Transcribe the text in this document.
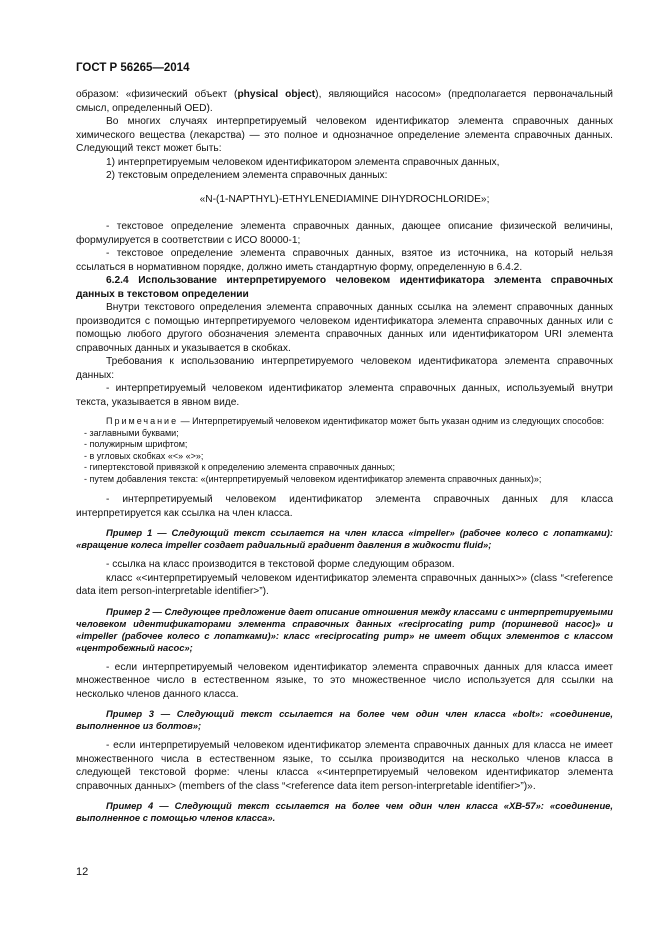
ГОСТ Р 56265—2014

образом: «физический объект (physical object), являющийся насосом» (предполагается первоначальный смысл, определенный OED).

Во многих случаях интерпретируемый человеком идентификатор элемента справочных данных химического вещества (лекарства) — это полное и однозначное определение элемента справочных данных. Следующий текст может быть:

1) интерпретируемым человеком идентификатором элемента справочных данных,

2) текстовым определением элемента справочных данных:

«N-(1-NAPTHYL)-ETHYLENEDIAMINE DIHYDROCHLORIDE»;

- текстовое определение элемента справочных данных, дающее описание физической величины, формулируется в соответствии с ИСО 80000-1;

- текстовое определение элемента справочных данных, взятое из источника, на который нельзя ссылаться в нормативном порядке, должно иметь стандартную форму, определенную в 6.4.2.

6.2.4 Использование интерпретируемого человеком идентификатора элемента справочных данных в текстовом определении

Внутри текстового определения элемента справочных данных ссылка на элемент справочных данных производится с помощью интерпретируемого человеком идентификатора элемента справочных данных или с помощью любого другого обозначения элемента справочных данных или идентификатором URI элемента справочных данных и указывается в скобках.

Требования к использованию интерпретируемого человеком идентификатора элемента справочных данных:

- интерпретируемый человеком идентификатор элемента справочных данных, используемый внутри текста, указывается в явном виде.

Примечание — Интерпретируемый человеком идентификатор может быть указан одним из следующих способов:

- заглавными буквами;

- полужирным шрифтом;

- в угловых скобках «<» «>»;

- гипертекстовой привязкой к определению элемента справочных данных;

- путем добавления текста: «(интерпретируемый человеком идентификатор элемента справочных данных)»;

- интерпретируемый человеком идентификатор элемента справочных данных для класса интерпретируется как ссылка на член класса.

Пример 1 — Следующий текст ссылается на член класса «impeller» (рабочее колесо с лопатками): «вращение колеса impeller создает радиальный градиент давления в жидкости fluid»;

- ссылка на класс производится в текстовой форме следующим образом.

класс «<интерпретируемый человеком идентификатор элемента справочных данных>» (class “<reference data item person-interpretable identifier>”).

Пример 2 — Следующее предложение дает описание отношения между классами с интерпретируемыми человеком идентификаторами элемента справочных данных «reciprocating pump (поршневой насос)» и «impeller (рабочее колесо с лопатками)»: класс «reciprocating pump» не имеет общих элементов с классом «центробежный насос»;

- если интерпретируемый человеком идентификатор элемента справочных данных для класса имеет множественное число в естественном языке, то это множественное число используется для ссылки на несколько членов данного класса.

Пример 3 — Следующий текст ссылается на более чем один член класса «bolt»: «соединение, выполненное из болтов»;

- если интерпретируемый человеком идентификатор элемента справочных данных для класса не имеет множественного числа в естественном языке, то ссылка производится на несколько членов класса в следующей текстовой форме: члены класса «<интерпретируемый человеком идентификатор элемента справочных данных> (members of the class “<reference data item person-interpretable identifier>”)».

Пример 4 — Следующий текст ссылается на более чем один член класса «XB-57»: «соединение, выполненное с помощью членов класса».

12
